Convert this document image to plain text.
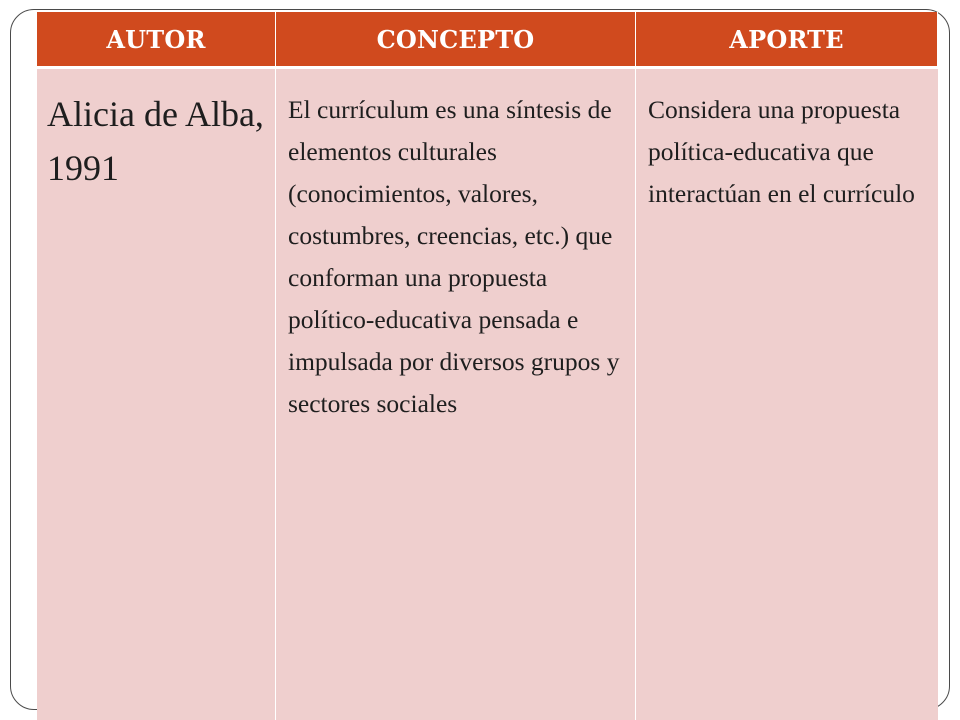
AUTOR	CONCEPTO	APORTE
Alicia de Alba, 1991
El currículum es una síntesis de elementos culturales (conocimientos, valores, costumbres, creencias, etc.) que conforman una propuesta político-educativa pensada e impulsada por diversos grupos y sectores sociales
Considera una propuesta política-educativa que interactúan en el currículo
